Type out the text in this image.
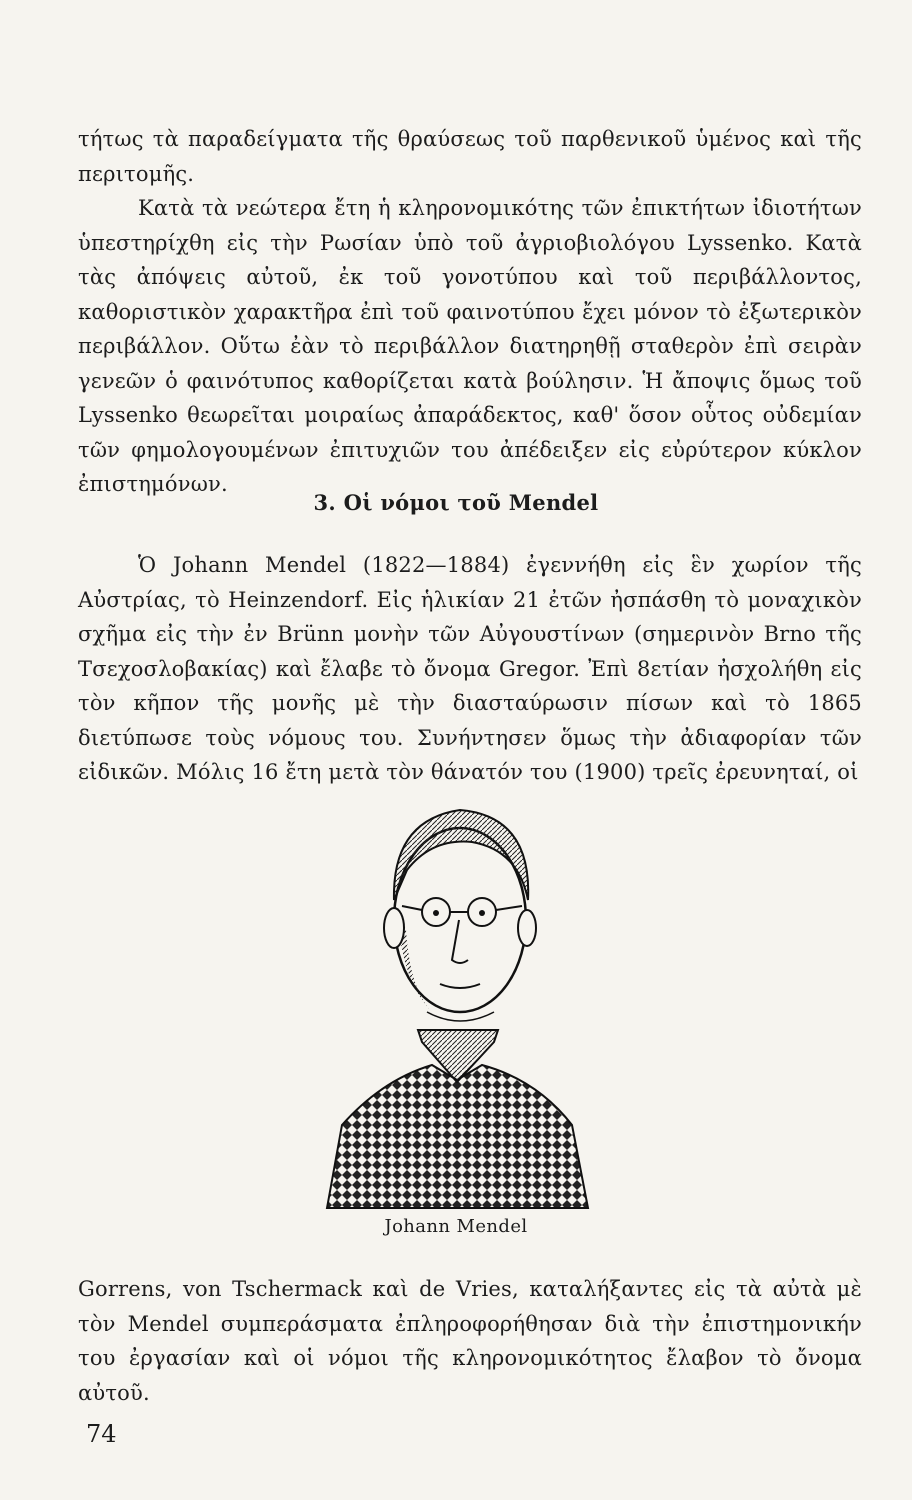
τήτως τὰ παραδείγματα τῆς θραύσεως τοῦ παρθενικοῦ ὑμένος καὶ τῆς περιτομῆς.

Κατὰ τὰ νεώτερα ἔτη ἡ κληρονομικότης τῶν ἐπικτήτων ἰδιοτήτων ὑπεστηρίχθη εἰς τὴν Ρωσίαν ὑπὸ τοῦ ἀγριοβιολόγου Lyssenko. Κατὰ τὰς ἀπόψεις αὐτοῦ, ἐκ τοῦ γονοτύπου καὶ τοῦ περιβάλλοντος, καθοριστικὸν χαρακτῆρα ἐπὶ τοῦ φαινοτύπου ἔχει μόνον τὸ ἐξωτερικὸν περιβάλλον. Οὕτω ἐὰν τὸ περιβάλλον διατηρηθῇ σταθερὸν ἐπὶ σειρὰν γενεῶν ὁ φαινότυπος καθορίζεται κατὰ βούλησιν. Ἡ ἄποψις ὅμως τοῦ Lyssenko θεωρεῖται μοιραίως ἀπαράδεκτος, καθ' ὅσον οὗτος οὐδεμίαν τῶν φημολογουμένων ἐπιτυχιῶν του ἀπέδειξεν εἰς εὐρύτερον κύκλον ἐπιστημόνων.

3. Οἱ νόμοι τοῦ Mendel

Ὁ Johann Mendel (1822—1884) ἐγεννήθη εἰς ἓν χωρίον τῆς Αὐστρίας, τὸ Heinzendorf. Εἰς ἡλικίαν 21 ἐτῶν ἠσπάσθη τὸ μοναχικὸν σχῆμα εἰς τὴν ἐν Brünn μονὴν τῶν Αὐγουστίνων (σημερινὸν Brno τῆς Τσεχοσλοβακίας) καὶ ἔλαβε τὸ ὄνομα Gregor. Ἐπὶ 8ετίαν ἠσχολήθη εἰς τὸν κῆπον τῆς μονῆς μὲ τὴν διασταύρωσιν πίσων καὶ τὸ 1865 διετύπωσε τοὺς νόμους του. Συνήντησεν ὅμως τὴν ἀδιαφορίαν τῶν εἰδικῶν. Μόλις 16 ἔτη μετὰ τὸν θάνατόν του (1900) τρεῖς ἐρευνηταί, οἱ

Johann Mendel

Gorrens, von Tschermack καὶ de Vries, καταλήξαντες εἰς τὰ αὐτὰ μὲ τὸν Mendel συμπεράσματα ἐπληροφορήθησαν διὰ τὴν ἐπιστημονικήν του ἐργασίαν καὶ οἱ νόμοι τῆς κληρονομικότητος ἔλαβον τὸ ὄνομα αὐτοῦ.

74
